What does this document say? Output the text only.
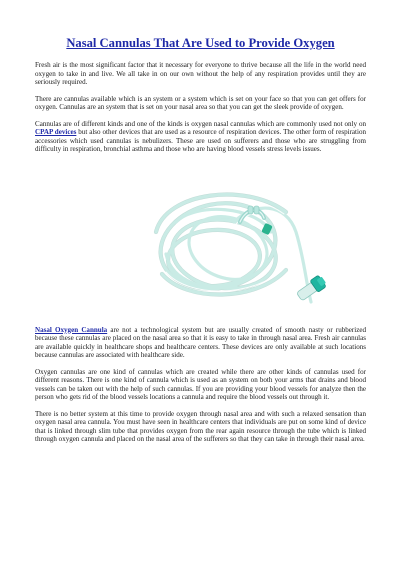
Nasal Cannulas That Are Used to Provide Oxygen

Fresh air is the most significant factor that it necessary for everyone to thrive because all the life in the world need oxygen to take in and live. We all take in on our own without the help of any respiration provides until they are seriously required.

There are cannulas available which is an system or a system which is set on your face so that you can get offers for oxygen. Cannulas are an system that is set on your nasal area so that you can get the sleek provide of oxygen.

Cannulas are of different kinds and one of the kinds is oxygen nasal cannulas which are commonly used not only on CPAP devices but also other devices that are used as a resource of respiration devices. The other form of respiration accessories which used cannulas is nebulizers. These are used on sufferers and those who are struggling from difficulty in respiration, bronchial asthma and those who are having blood vessels stress levels issues.

Nasal Oxygen Cannula are not a technological system but are usually created of smooth nasty or rubberized because these cannulas are placed on the nasal area so that it is easy to take in through nasal area. Fresh air cannulas are available quickly in healthcare shops and healthcare centers. These devices are only available at such locations because cannulas are associated with healthcare side.

Oxygen cannulas are one kind of cannulas which are created while there are other kinds of cannulas used for different reasons. There is one kind of cannula which is used as an system on both your arms that drains and blood vessels can be taken out with the help of such cannulas. If you are providing your blood vessels for analyze then the person who gets rid of the blood vessels locations a cannula and require the blood vessels out through it.

There is no better system at this time to provide oxygen through nasal area and with such a relaxed sensation than oxygen nasal area cannula. You must have seen in healthcare centers that individuals are put on some kind of device that is linked through slim tube that provides oxygen from the rear again resource through the tube which is linked through oxygen cannula and placed on the nasal area of the sufferers so that they can take in through their nasal area.
